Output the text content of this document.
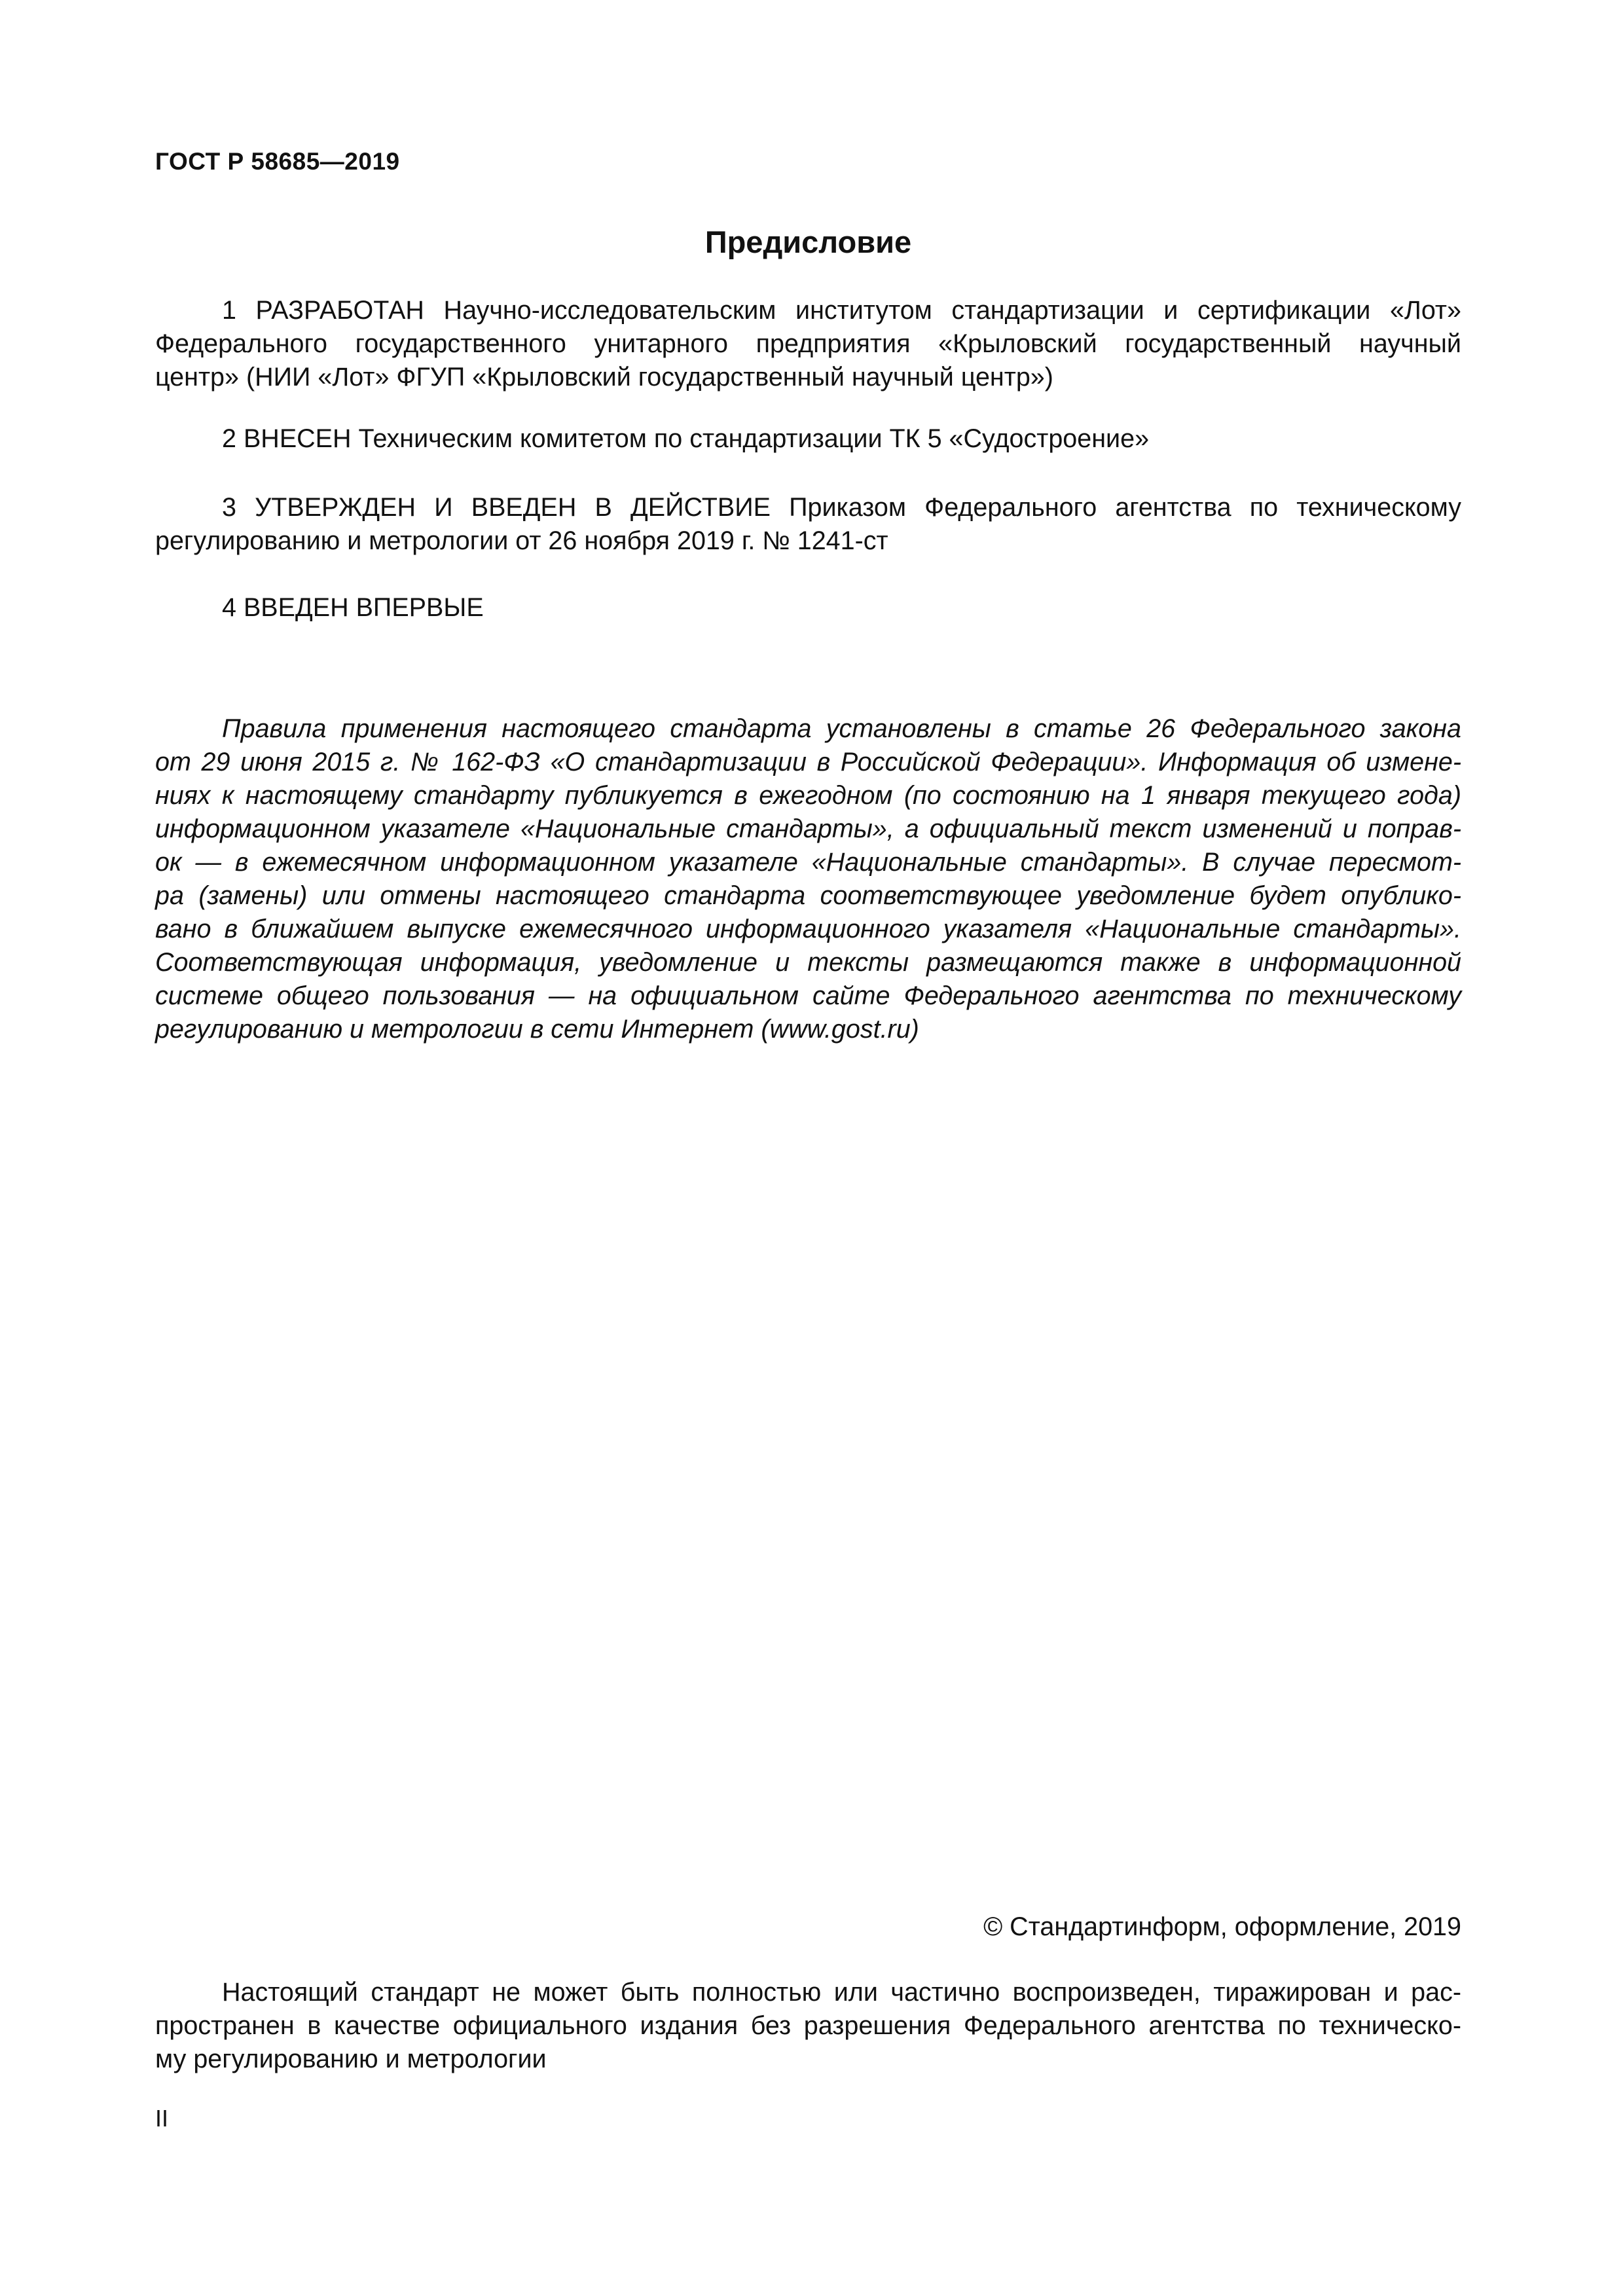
ГОСТ Р 58685—2019
Предисловие

1 РАЗРАБОТАН Научно-исследовательским институтом стандартизации и сертификации «Лот»
Федерального государственного унитарного предприятия «Крыловский государственный научный
центр» (НИИ «Лот» ФГУП «Крыловский государственный научный центр»)

2 ВНЕСЕН Техническим комитетом по стандартизации ТК 5 «Судостроение»

3 УТВЕРЖДЕН И ВВЕДЕН В ДЕЙСТВИЕ Приказом Федерального агентства по техническому
регулированию и метрологии от 26 ноября 2019 г. № 1241-ст

4 ВВЕДЕН ВПЕРВЫЕ

Правила применения настоящего стандарта установлены в статье 26 Федерального закона
от 29 июня 2015 г. № 162-ФЗ «О стандартизации в Российской Федерации». Информация об измене-
ниях к настоящему стандарту публикуется в ежегодном (по состоянию на 1 января текущего года)
информационном указателе «Национальные стандарты», а официальный текст изменений и поправ-
ок — в ежемесячном информационном указателе «Национальные стандарты». В случае пересмот-
ра (замены) или отмены настоящего стандарта соответствующее уведомление будет опублико-
вано в ближайшем выпуске ежемесячного информационного указателя «Национальные стандарты».
Соответствующая информация, уведомление и тексты размещаются также в информационной
системе общего пользования — на официальном сайте Федерального агентства по техническому
регулированию и метрологии в сети Интернет (www.gost.ru)

© Стандартинформ, оформление, 2019

Настоящий стандарт не может быть полностью или частично воспроизведен, тиражирован и рас-
пространен в качестве официального издания без разрешения Федерального агентства по техническо-
му регулированию и метрологии

II
